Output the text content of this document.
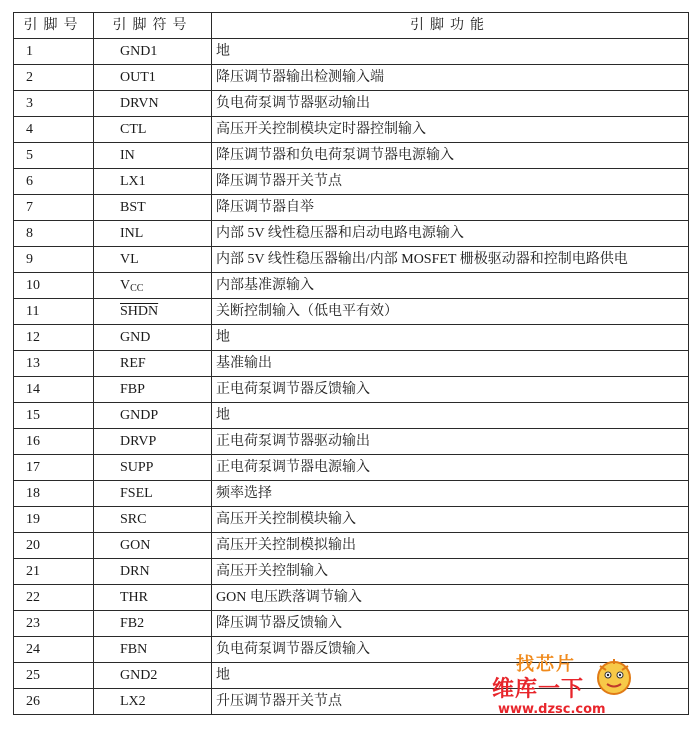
引脚号	引脚符号	引脚功能
1	GND1	地
2	OUT1	降压调节器输出检测输入端
3	DRVN	负电荷泵调节器驱动输出
4	CTL	高压开关控制模块定时器控制输入
5	IN	降压调节器和负电荷泵调节器电源输入
6	LX1	降压调节器开关节点
7	BST	降压调节器自举
8	INL	内部 5V 线性稳压器和启动电路电源输入
9	VL	内部 5V 线性稳压器输出/内部 MOSFET 栅极驱动器和控制电路供电
10	$V_{CC}$	内部基准源输入
11	SHDN	关断控制输入（低电平有效）
12	GND	地
13	REF	基准输出
14	FBP	正电荷泵调节器反馈输入
15	GNDP	地
16	DRVP	正电荷泵调节器驱动输出
17	SUPP	正电荷泵调节器电源输入
18	FSEL	频率选择
19	SRC	高压开关控制模块输入
20	GON	高压开关控制模拟输出
21	DRN	高压开关控制输入
22	THR	GON 电压跌落调节输入
23	FB2	降压调节器反馈输入
24	FBN	负电荷泵调节器反馈输入
25	GND2	地
26	LX2	升压调节器开关节点
找芯片
维库一下
www.dzsc.com
